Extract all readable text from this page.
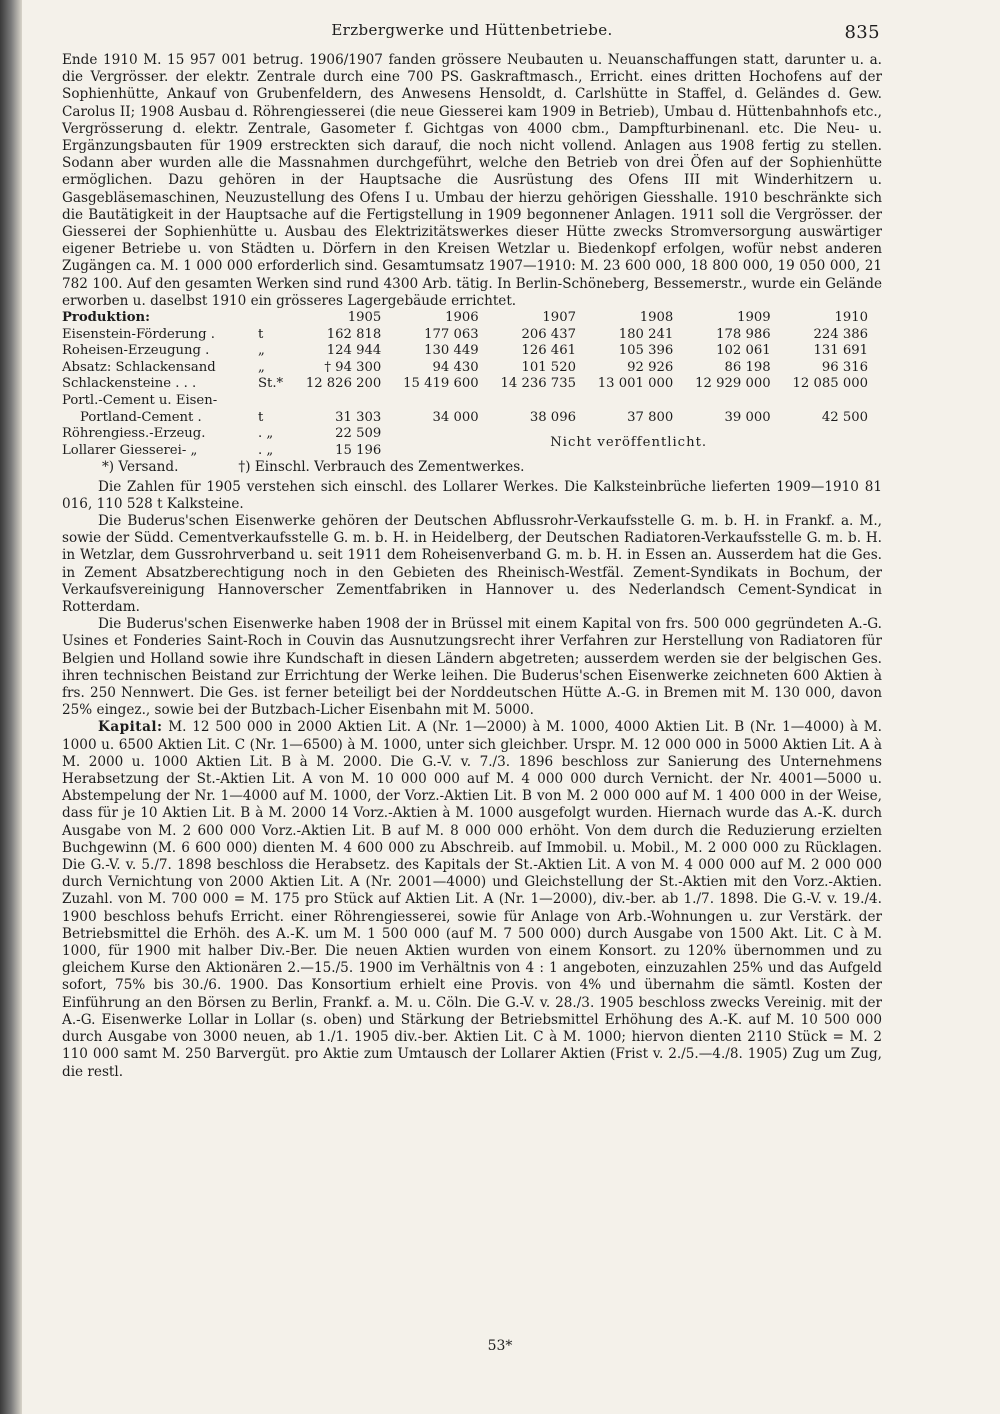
Erzbergwerke und Hüttenbetriebe.	835

Ende 1910 M. 15 957 001 betrug. 1906/1907 fanden grössere Neubauten u. Neuanschaffungen statt, darunter u. a. die Vergrösser. der elektr. Zentrale durch eine 700 PS. Gaskraftmasch., Erricht. eines dritten Hochofens auf der Sophienhütte, Ankauf von Grubenfeldern, des Anwesens Hensoldt, d. Carlshütte in Staffel, d. Geländes d. Gew. Carolus II; 1908 Ausbau d. Röhrengiesserei (die neue Giesserei kam 1909 in Betrieb), Umbau d. Hüttenbahnhofs etc., Vergrösserung d. elektr. Zentrale, Gasometer f. Gichtgas von 4000 cbm., Dampfturbinenanl. etc. Die Neu- u. Ergänzungsbauten für 1909 erstreckten sich darauf, die noch nicht vollend. Anlagen aus 1908 fertig zu stellen. Sodann aber wurden alle die Massnahmen durchgeführt, welche den Betrieb von drei Öfen auf der Sophienhütte ermöglichen. Dazu gehören in der Hauptsache die Ausrüstung des Ofens III mit Winderhitzern u. Gasgebläsemaschinen, Neuzustellung des Ofens I u. Umbau der hierzu gehörigen Giesshalle. 1910 beschränkte sich die Bautätigkeit in der Hauptsache auf die Fertigstellung in 1909 begonnener Anlagen. 1911 soll die Vergrösser. der Giesserei der Sophienhütte u. Ausbau des Elektrizitätswerkes dieser Hütte zwecks Stromversorgung auswärtiger eigener Betriebe u. von Städten u. Dörfern in den Kreisen Wetzlar u. Biedenkopf erfolgen, wofür nebst anderen Zugängen ca. M. 1 000 000 erforderlich sind. Gesamtumsatz 1907—1910: M. 23 600 000, 18 800 000, 19 050 000, 21 782 100. Auf den gesamten Werken sind rund 4300 Arb. tätig. In Berlin-Schöneberg, Bessemerstr., wurde ein Gelände erworben u. daselbst 1910 ein grösseres Lagergebäude errichtet.

Produktion:		1905	1906	1907	1908	1909	1910
Eisenstein-Förderung .	t	162 818	177 063	206 437	180 241	178 986	224 386
Roheisen-Erzeugung .	„	124 944	130 449	126 461	105 396	102 061	131 691
Absatz: Schlackensand	„	† 94 300	94 430	101 520	92 926	86 198	96 316
Schlackensteine . . .	St.*	12 826 200	15 419 600	14 236 735	13 001 000	12 929 000	12 085 000
Portl.-Cement u. Eisen-							
Portland-Cement .	t	31 303	34 000	38 096	37 800	39 000	42 500
Röhrengiess.-Erzeug.	. „	22 509	Nicht veröffentlicht.				
Lollarer Giesserei- „	. „	15 196					
*) Versand.	†) Einschl. Verbrauch des Zementwerkes.

Die Zahlen für 1905 verstehen sich einschl. des Lollarer Werkes. Die Kalksteinbrüche lieferten 1909—1910 81 016, 110 528 t Kalksteine.

Die Buderus'schen Eisenwerke gehören der Deutschen Abflussrohr-Verkaufsstelle G. m. b. H. in Frankf. a. M., sowie der Südd. Cementverkaufsstelle G. m. b. H. in Heidelberg, der Deutschen Radiatoren-Verkaufsstelle G. m. b. H. in Wetzlar, dem Gussrohrverband u. seit 1911 dem Roheisenverband G. m. b. H. in Essen an. Ausserdem hat die Ges. in Zement Absatzberechtigung noch in den Gebieten des Rheinisch-Westfäl. Zement-Syndikats in Bochum, der Verkaufsvereinigung Hannoverscher Zementfabriken in Hannover u. des Nederlandsch Cement-Syndicat in Rotterdam.

Die Buderus'schen Eisenwerke haben 1908 der in Brüssel mit einem Kapital von frs. 500 000 gegründeten A.-G. Usines et Fonderies Saint-Roch in Couvin das Ausnutzungsrecht ihrer Verfahren zur Herstellung von Radiatoren für Belgien und Holland sowie ihre Kundschaft in diesen Ländern abgetreten; ausserdem werden sie der belgischen Ges. ihren technischen Beistand zur Errichtung der Werke leihen. Die Buderus'schen Eisenwerke zeichneten 600 Aktien à frs. 250 Nennwert. Die Ges. ist ferner beteiligt bei der Norddeutschen Hütte A.-G. in Bremen mit M. 130 000, davon 25% eingez., sowie bei der Butzbach-Licher Eisenbahn mit M. 5000.

Kapital: M. 12 500 000 in 2000 Aktien Lit. A (Nr. 1—2000) à M. 1000, 4000 Aktien Lit. B (Nr. 1—4000) à M. 1000 u. 6500 Aktien Lit. C (Nr. 1—6500) à M. 1000, unter sich gleichber. Urspr. M. 12 000 000 in 5000 Aktien Lit. A à M. 2000 u. 1000 Aktien Lit. B à M. 2000. Die G.-V. v. 7./3. 1896 beschloss zur Sanierung des Unternehmens Herabsetzung der St.-Aktien Lit. A von M. 10 000 000 auf M. 4 000 000 durch Vernicht. der Nr. 4001—5000 u. Abstempelung der Nr. 1—4000 auf M. 1000, der Vorz.-Aktien Lit. B von M. 2 000 000 auf M. 1 400 000 in der Weise, dass für je 10 Aktien Lit. B à M. 2000 14 Vorz.-Aktien à M. 1000 ausgefolgt wurden. Hiernach wurde das A.-K. durch Ausgabe von M. 2 600 000 Vorz.-Aktien Lit. B auf M. 8 000 000 erhöht. Von dem durch die Reduzierung erzielten Buchgewinn (M. 6 600 000) dienten M. 4 600 000 zu Abschreib. auf Immobil. u. Mobil., M. 2 000 000 zu Rücklagen. Die G.-V. v. 5./7. 1898 beschloss die Herabsetz. des Kapitals der St.-Aktien Lit. A von M. 4 000 000 auf M. 2 000 000 durch Vernichtung von 2000 Aktien Lit. A (Nr. 2001—4000) und Gleichstellung der St.-Aktien mit den Vorz.-Aktien. Zuzahl. von M. 700 000 = M. 175 pro Stück auf Aktien Lit. A (Nr. 1—2000), div.-ber. ab 1./7. 1898. Die G.-V. v. 19./4. 1900 beschloss behufs Erricht. einer Röhrengiesserei, sowie für Anlage von Arb.-Wohnungen u. zur Verstärk. der Betriebsmittel die Erhöh. des A.-K. um M. 1 500 000 (auf M. 7 500 000) durch Ausgabe von 1500 Akt. Lit. C à M. 1000, für 1900 mit halber Div.-Ber. Die neuen Aktien wurden von einem Konsort. zu 120% übernommen und zu gleichem Kurse den Aktionären 2.—15./5. 1900 im Verhältnis von 4 : 1 angeboten, einzuzahlen 25% und das Aufgeld sofort, 75% bis 30./6. 1900. Das Konsortium erhielt eine Provis. von 4% und übernahm die sämtl. Kosten der Einführung an den Börsen zu Berlin, Frankf. a. M. u. Cöln. Die G.-V. v. 28./3. 1905 beschloss zwecks Vereinig. mit der A.-G. Eisenwerke Lollar in Lollar (s. oben) und Stärkung der Betriebsmittel Erhöhung des A.-K. auf M. 10 500 000 durch Ausgabe von 3000 neuen, ab 1./1. 1905 div.-ber. Aktien Lit. C à M. 1000; hiervon dienten 2110 Stück = M. 2 110 000 samt M. 250 Barvergüt. pro Aktie zum Umtausch der Lollarer Aktien (Frist v. 2./5.—4./8. 1905) Zug um Zug, die restl.

53*
